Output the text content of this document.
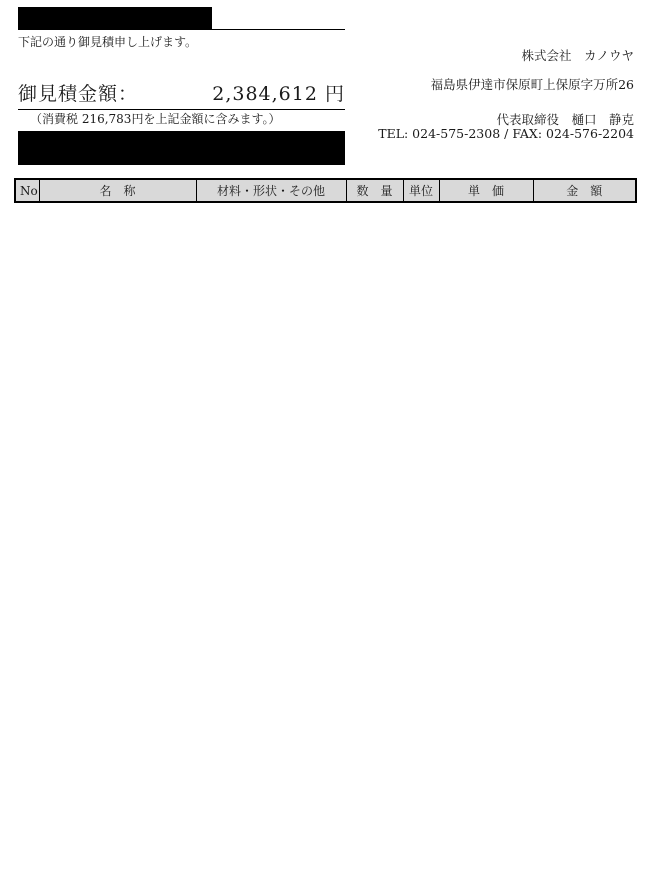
下記の通り御見積申し上げます。
株式会社　カノウヤ
福島県伊達市保原町上保原字万所26
代表取締役　樋口　静克
TEL: 024-575-2308 / FAX: 024-576-2204
御見積金額：	2,384,612 円
（消費税 216,783円を上記金額に含みます。）
No	名　称	材料・形状・その他	数　量	単位	単　価	金　額
